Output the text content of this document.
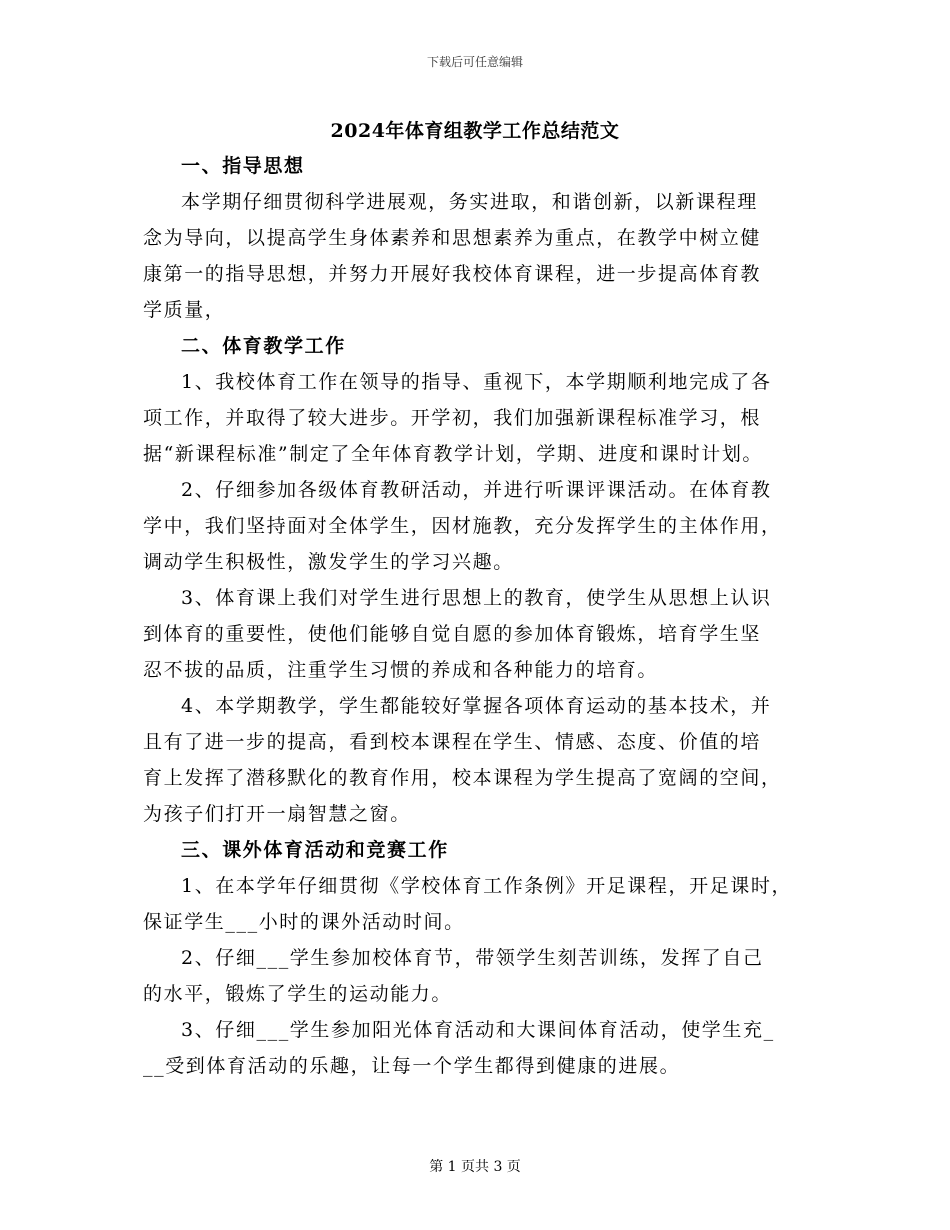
下载后可任意编辑
2024年体育组教学工作总结范文
一、指导思想
本学期仔细贯彻科学进展观，务实进取，和谐创新，以新课程理
念为导向，以提高学生身体素养和思想素养为重点，在教学中树立健
康第一的指导思想，并努力开展好我校体育课程，进一步提高体育教
学质量，
二、体育教学工作
1、我校体育工作在领导的指导、重视下，本学期顺利地完成了各
项工作，并取得了较大进步。开学初，我们加强新课程标准学习，根
据“新课程标准”制定了全年体育教学计划，学期、进度和课时计划。
2、仔细参加各级体育教研活动，并进行听课评课活动。在体育教
学中，我们坚持面对全体学生，因材施教，充分发挥学生的主体作用，
调动学生积极性，激发学生的学习兴趣。
3、体育课上我们对学生进行思想上的教育，使学生从思想上认识
到体育的重要性，使他们能够自觉自愿的参加体育锻炼，培育学生坚
忍不拔的品质，注重学生习惯的养成和各种能力的培育。
4、本学期教学，学生都能较好掌握各项体育运动的基本技术，并
且有了进一步的提高，看到校本课程在学生、情感、态度、价值的培
育上发挥了潜移默化的教育作用，校本课程为学生提高了宽阔的空间，
为孩子们打开一扇智慧之窗。
三、课外体育活动和竞赛工作
1、在本学年仔细贯彻《学校体育工作条例》开足课程，开足课时，
保证学生___小时的课外活动时间。
2、仔细___学生参加校体育节，带领学生刻苦训练，发挥了自己
的水平，锻炼了学生的运动能力。
3、仔细___学生参加阳光体育活动和大课间体育活动，使学生充_
__受到体育活动的乐趣，让每一个学生都得到健康的进展。
第 1 页共 3 页
